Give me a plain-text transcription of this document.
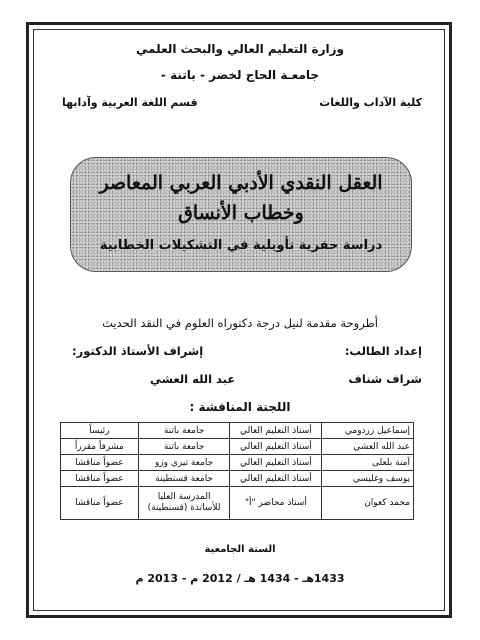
وزارة التعليم العالي والبحث العلمي
جامعـة الحاج لخضر - باتنة -
كلية الآداب واللغات
قسم اللغة العربية وآدابها
العقل النقدي الأدبي العربي المعاصر
وخطاب الأنساق
دراسة حفرية تأويلية في التشكيلات الخطابية
أطروحة مقدمة لنيل درجة دكتوراه العلوم في النقد الحديث
إعداد الطالب:
إشراف الأستاذ الدكتور:
شراف شناف
عبد الله العشي
اللجنة المناقشة :
إسماعيل زردومي	أستاذ التعليم العالي	جامعة باتنة	رئيساً
عبد الله العشي	أستاذ التعليم العالي	جامعة باتنة	مشرفاً مقرراً
آمنة بلعلى	أستاذ التعليم العالي	جامعة تيزي وزو	عضواً مناقشا
يوسف وغليسي	أستاذ التعليم العالي	جامعة قسنطينة	عضواً مناقشا
محمد كعوان	أستاذ محاضر "أ"	المدرسة العليا للأساتذة (قسنطينة)	عضواً مناقشا
السنة الجامعية
1433هـ - 1434 هـ / 2012 م - 2013 م
